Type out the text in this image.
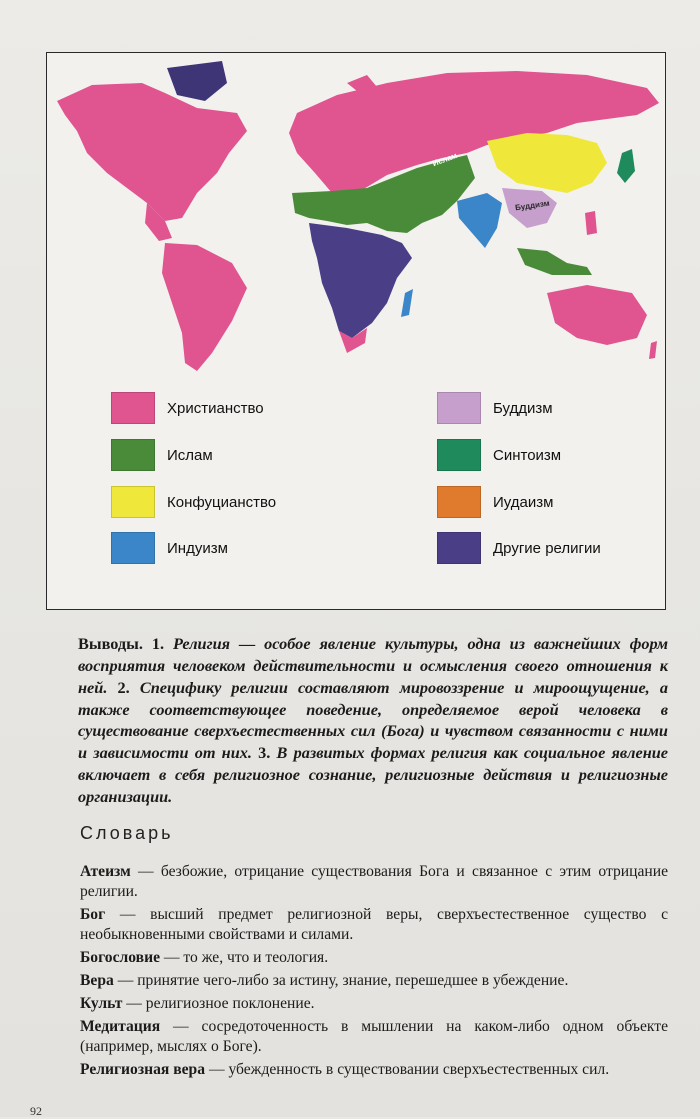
Ислам
Буддизм
Христианство
Ислам
Конфуцианство
Индуизм
Буддизм
Синтоизм
Иудаизм
Другие религии

Выводы. 1. Религия — особое явление культуры, одна из важнейших форм восприятия человеком действительности и осмысления своего отношения к ней. 2. Специфику религии составляют мировоззрение и мироощущение, а также соответствующее поведение, определяемое верой человека в существование сверхъестественных сил (Бога) и чувством связанности с ними и зависимости от них. 3. В развитых формах религия как социальное явление включает в себя религиозное сознание, религиозные действия и религиозные организации.

Словарь

Атеизм — безбожие, отрицание существования Бога и связанное с этим отрицание религии.

Бог — высший предмет религиозной веры, сверхъестественное существо с необыкновенными свойствами и силами.

Богословие — то же, что и теология.

Вера — принятие чего-либо за истину, знание, перешедшее в убеждение.

Культ — религиозное поклонение.

Медитация — сосредоточенность в мышлении на каком-либо одном объекте (например, мыслях о Боге).

Религиозная вера — убежденность в существовании сверхъестественных сил.

92
